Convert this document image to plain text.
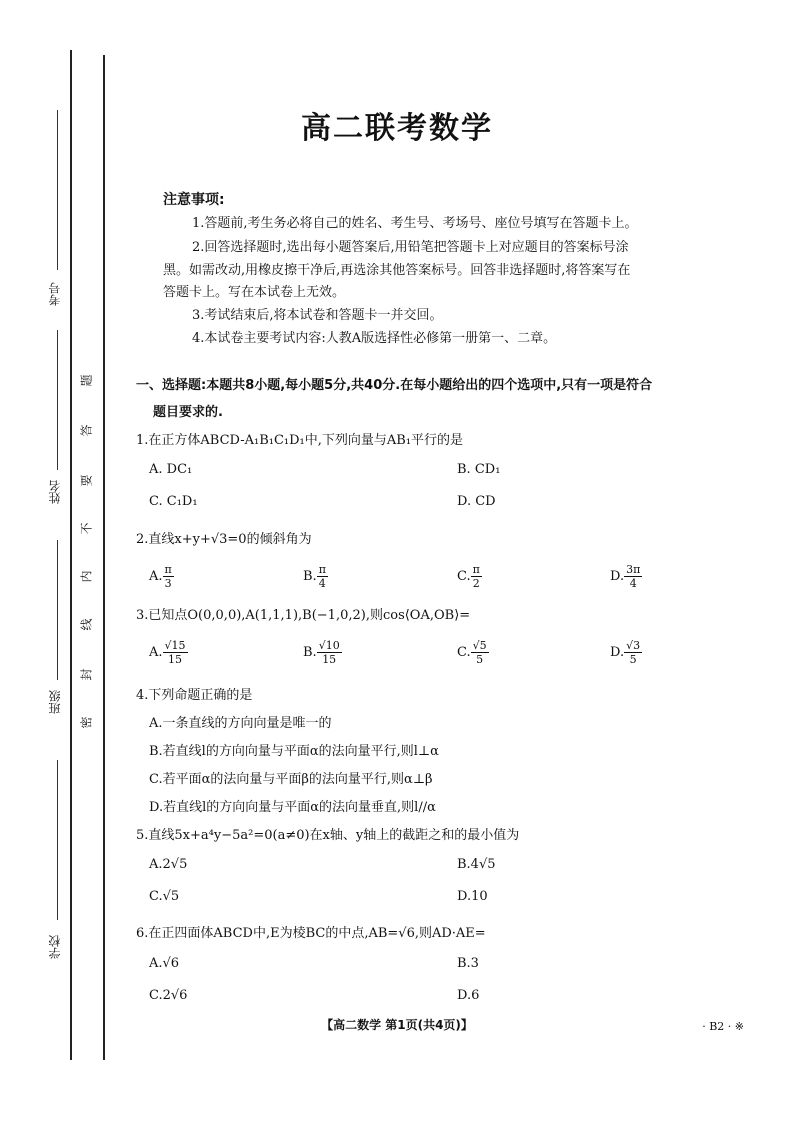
考号
姓名
班级
学校
题
答
要
不
内
线
封
密
高二联考数学
注意事项:
1.答题前,考生务必将自己的姓名、考生号、考场号、座位号填写在答题卡上。
2.回答选择题时,选出每小题答案后,用铅笔把答题卡上对应题目的答案标号涂
黑。如需改动,用橡皮擦干净后,再选涂其他答案标号。回答非选择题时,将答案写在
答题卡上。写在本试卷上无效。
3.考试结束后,将本试卷和答题卡一并交回。
4.本试卷主要考试内容:人教A版选择性必修第一册第一、二章。
一、选择题:本题共8小题,每小题5分,共40分.在每小题给出的四个选项中,只有一项是符合
题目要求的.
1.在正方体ABCD-A₁B₁C₁D₁中,下列向量与AB₁平行的是
A. DC₁	B. CD₁
C. C₁D₁	D. CD
2.直线x+y+√3=0的倾斜角为
A. $\frac{\pi}{3}$	B. $\frac{\pi}{4}$	C. $\frac{\pi}{2}$	D. $\frac{3\pi}{4}$
3.已知点O(0,0,0),A(1,1,1),B(−1,0,2),则cos⟨OA,OB⟩=
A. $\frac{√15}{15}$	B. $\frac{√10}{15}$	C. $\frac{√5}{5}$	D. $\frac{√3}{5}$
4.下列命题正确的是
A.一条直线的方向向量是唯一的
B.若直线l的方向向量与平面α的法向量平行,则l⊥α
C.若平面α的法向量与平面β的法向量平行,则α⊥β
D.若直线l的方向向量与平面α的法向量垂直,则l//α
5.直线5x+a⁴y−5a²=0(a≠0)在x轴、y轴上的截距之和的最小值为
A.2√5	B.4√5
C.√5	D.10
6.在正四面体ABCD中,E为棱BC的中点,AB=√6,则AD·AE=
A.√6	B.3
C.2√6	D.6
【高二数学 第1页(共4页)】	· B2 · ※
